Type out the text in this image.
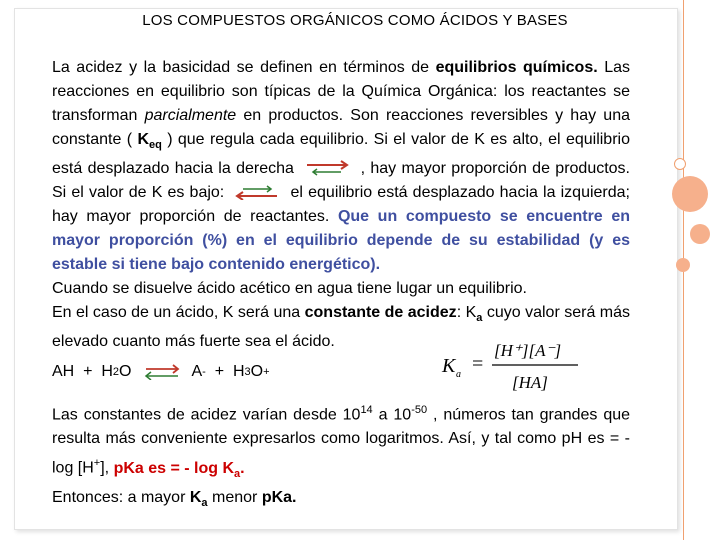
LOS COMPUESTOS ORGÁNICOS COMO ÁCIDOS Y BASES
La acidez y la basicidad se definen en términos de equilibrios químicos. Las reacciones en equilibrio son típicas de la Química Orgánica: los reactantes se transforman parcialmente en productos. Son reacciones reversibles y hay una constante ( $K_{eq}$ ) que regula cada equilibrio. Si el valor de K es alto, el equilibrio está desplazado hacia la derecha	, hay mayor proporción de productos. Si el valor de K es bajo:	el equilibrio está desplazado hacia la izquierda; hay mayor proporción de reactantes. Que un compuesto se encuentre en mayor proporción (%) en el equilibrio depende de su estabilidad (y es estable si tiene bajo contenido energético).
Cuando se disuelve ácido acético en agua tiene lugar un equilibrio.
En el caso de un ácido, K será una constante de acidez: $K_a$ cuyo valor será más elevado cuanto más fuerte sea el ácido.
AH
+
H 2 O ⇌ A -
+
H 3 O +	K a =
[H⁺][A⁻]
[HA]
Las constantes de acidez varían desde $10^{14}$ a $10^{-50}$ , números tan grandes que resulta más conveniente expresarlos como logaritmos. Así, y tal como pH es = - log [H+], pKa es = - $\log K_a$.
Entonces: a mayor $K_a$ menor pKa.
